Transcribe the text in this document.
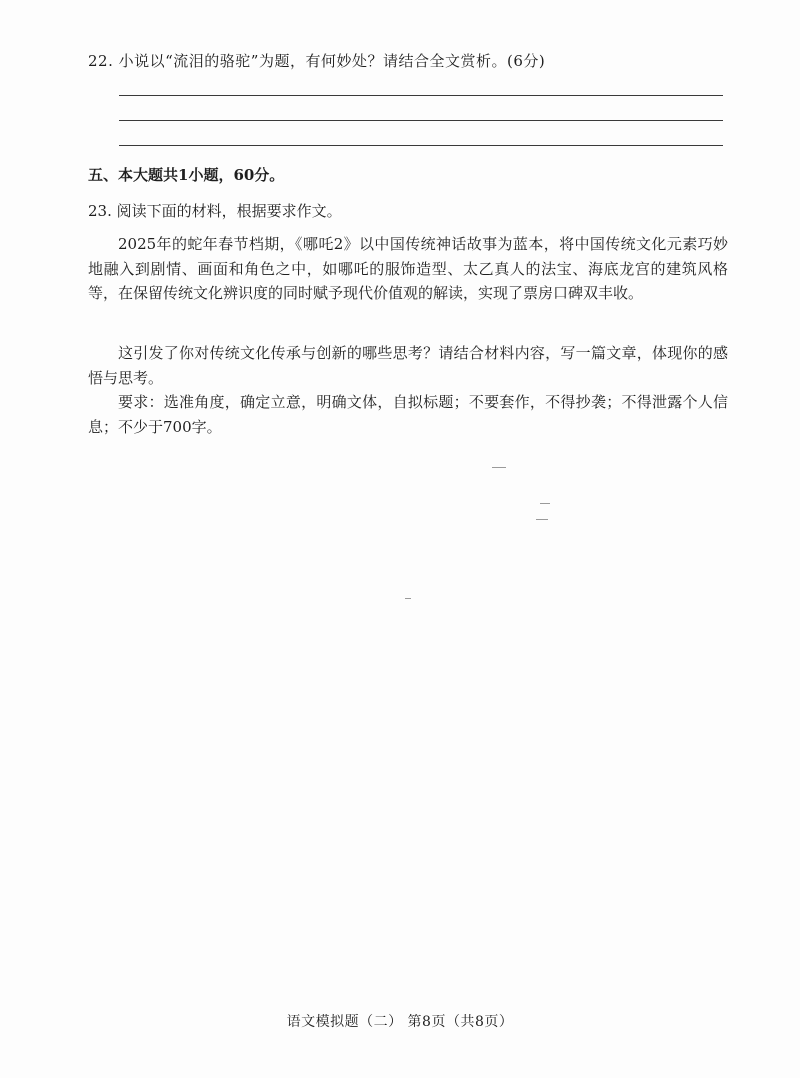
22. 小说以“流泪的骆驼”为题，有何妙处？请结合全文赏析。(6分)
五、本大题共1小题，60分。
23. 阅读下面的材料，根据要求作文。
2025年的蛇年春节档期，《哪吒2》以中国传统神话故事为蓝本，将中国传统文化元素巧妙地融入到剧情、画面和角色之中，如哪吒的服饰造型、太乙真人的法宝、海底龙宫的建筑风格等，在保留传统文化辨识度的同时赋予现代价值观的解读，实现了票房口碑双丰收。
这引发了你对传统文化传承与创新的哪些思考？请结合材料内容，写一篇文章，体现你的感悟与思考。
要求：选准角度，确定立意，明确文体，自拟标题；不要套作，不得抄袭；不得泄露个人信息；不少于700字。
语文模拟题（二） 第8页（共8页）
